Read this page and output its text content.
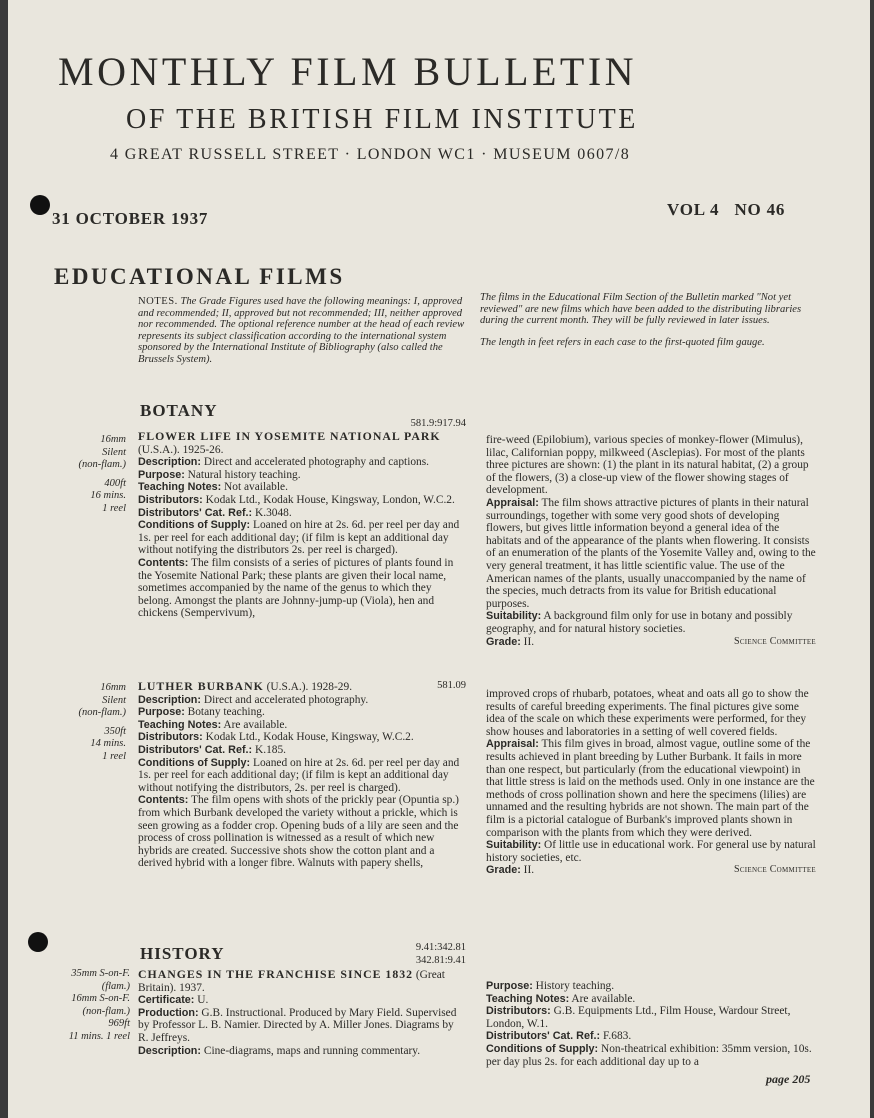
MONTHLY FILM BULLETIN
OF THE BRITISH FILM INSTITUTE
4 GREAT RUSSELL STREET · LONDON WC1 · MUSEUM 0607/8
31 OCTOBER 1937	VOL 4   NO 46
EDUCATIONAL FILMS
NOTES. The Grade Figures used have the following meanings: I, approved and recommended; II, approved but not recommended; III, neither approved nor recommended. The optional reference number at the head of each review represents its subject classification according to the international system sponsored by the International Institute of Bibliography (also called the Brussels System).

The films in the Educational Film Section of the Bulletin marked "Not yet reviewed" are new films which have been added to the distributing libraries during the current month. They will be fully reviewed in later issues.

The length in feet refers in each case to the first-quoted film gauge.

BOTANY
581.9:917.94
16mm
Silent
(non-flam.)
400ft
16 mins.
1 reel

FLOWER LIFE IN YOSEMITE NATIONAL PARK (U.S.A.). 1925-26.

Description: Direct and accelerated photography and captions.

Purpose: Natural history teaching.

Teaching Notes: Not available.

Distributors: Kodak Ltd., Kodak House, Kingsway, London, W.C.2.

Distributors' Cat. Ref.: K.3048.

Conditions of Supply: Loaned on hire at 2s. 6d. per reel per day and 1s. per reel for each additional day; (if film is kept an additional day without notifying the distributors 2s. per reel is charged).

Contents: The film consists of a series of pictures of plants found in the Yosemite National Park; these plants are given their local name, sometimes accompanied by the name of the genus to which they belong. Amongst the plants are Johnny-jump-up (Viola), hen and chickens (Sempervivum),

fire-weed (Epilobium), various species of monkey-flower (Mimulus), lilac, Californian poppy, milkweed (Asclepias). For most of the plants three pictures are shown: (1) the plant in its natural habitat, (2) a group of the flowers, (3) a close-up view of the flower showing stages of development.

Appraisal: The film shows attractive pictures of plants in their natural surroundings, together with some very good shots of developing flowers, but gives little information beyond a general idea of the habitats and of the appearance of the plants when flowering. It consists of an enumeration of the plants of the Yosemite Valley and, owing to the very general treatment, it has little scientific value. The use of the American names of the plants, usually unaccompanied by the name of the species, much detracts from its value for British educational purposes.

Suitability: A background film only for use in botany and possibly geography, and for natural history societies.

Grade: II.	Science Committee

16mm
Silent
(non-flam.)
350ft
14 mins.
1 reel
581.09

LUTHER BURBANK (U.S.A.). 1928-29.

Description: Direct and accelerated photography.

Purpose: Botany teaching.

Teaching Notes: Are available.

Distributors: Kodak Ltd., Kodak House, Kingsway, W.C.2.

Distributors' Cat. Ref.: K.185.

Conditions of Supply: Loaned on hire at 2s. 6d. per reel per day and 1s. per reel for each additional day; (if film is kept an additional day without notifying the distributors, 2s. per reel is charged).

Contents: The film opens with shots of the prickly pear (Opuntia sp.) from which Burbank developed the variety without a prickle, which is seen growing as a fodder crop. Opening buds of a lily are seen and the process of cross pollination is witnessed as a result of which new hybrids are created. Successive shots show the cotton plant and a derived hybrid with a longer fibre. Walnuts with papery shells,

improved crops of rhubarb, potatoes, wheat and oats all go to show the results of careful breeding experiments. The final pictures give some idea of the scale on which these experiments were performed, for they show houses and laboratories in a setting of well covered fields.

Appraisal: This film gives in broad, almost vague, outline some of the results achieved in plant breeding by Luther Burbank. It fails in more than one respect, but particularly (from the educational viewpoint) in that little stress is laid on the methods used. Only in one instance are the methods of cross pollination shown and here the specimens (lilies) are unnamed and the resulting hybrids are not shown. The main part of the film is a pictorial catalogue of Burbank's improved plants shown in comparison with the plants from which they were derived.

Suitability: Of little use in educational work. For general use by natural history societies, etc.

Grade: II.	Science Committee

HISTORY	9.41:342.81
342.81:9.41
35mm S-on-F.
(flam.)
16mm S-on-F.
(non-flam.)
969ft
11 mins. 1 reel

CHANGES IN THE FRANCHISE SINCE 1832 (Great Britain). 1937.

Certificate: U.

Production: G.B. Instructional. Produced by Mary Field. Supervised by Professor L. B. Namier. Directed by A. Miller Jones. Diagrams by R. Jeffreys.

Description: Cine-diagrams, maps and running commentary.

Purpose: History teaching.

Teaching Notes: Are available.

Distributors: G.B. Equipments Ltd., Film House, Wardour Street, London, W.1.

Distributors' Cat. Ref.: F.683.

Conditions of Supply: Non-theatrical exhibition: 35mm version, 10s. per day plus 2s. for each additional day up to a

page 205
